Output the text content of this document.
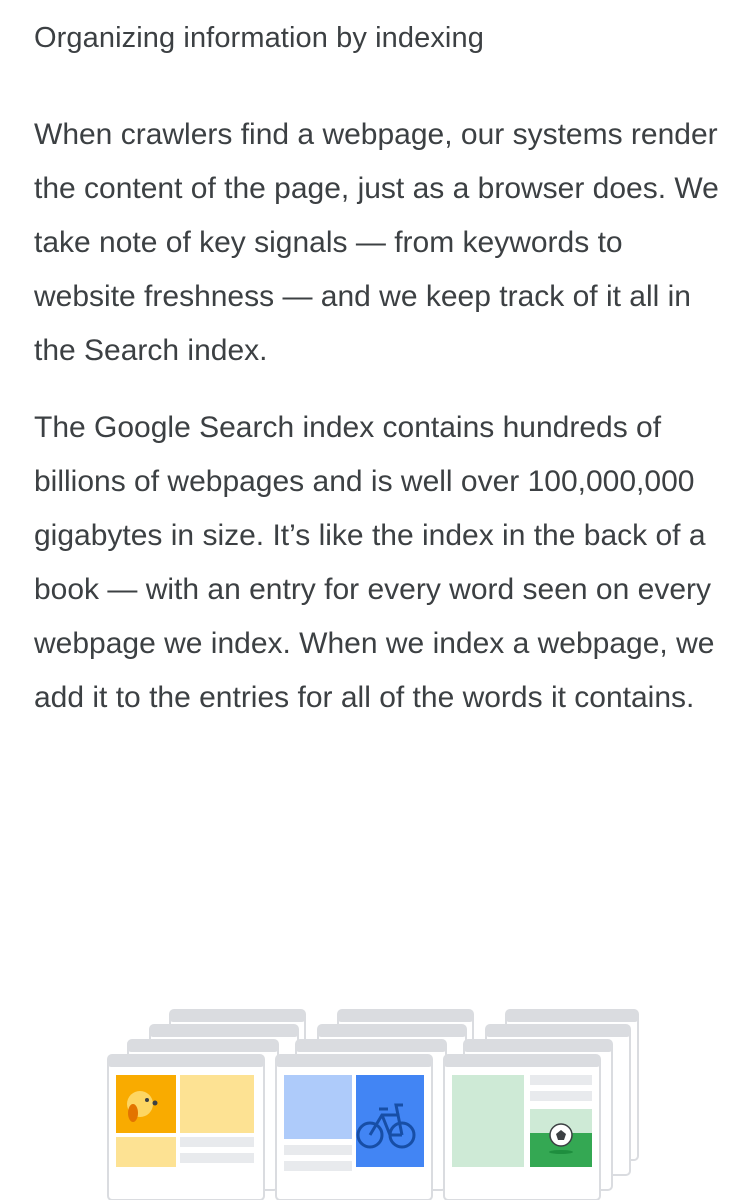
Organizing information by indexing

When crawlers find a webpage, our systems render the content of the page, just as a browser does. We take note of key signals — from keywords to website freshness — and we keep track of it all in the Search index.

The Google Search index contains hundreds of billions of webpages and is well over 100,000,000 gigabytes in size. It’s like the index in the back of a book — with an entry for every word seen on every webpage we index. When we index a webpage, we add it to the entries for all of the words it contains.
